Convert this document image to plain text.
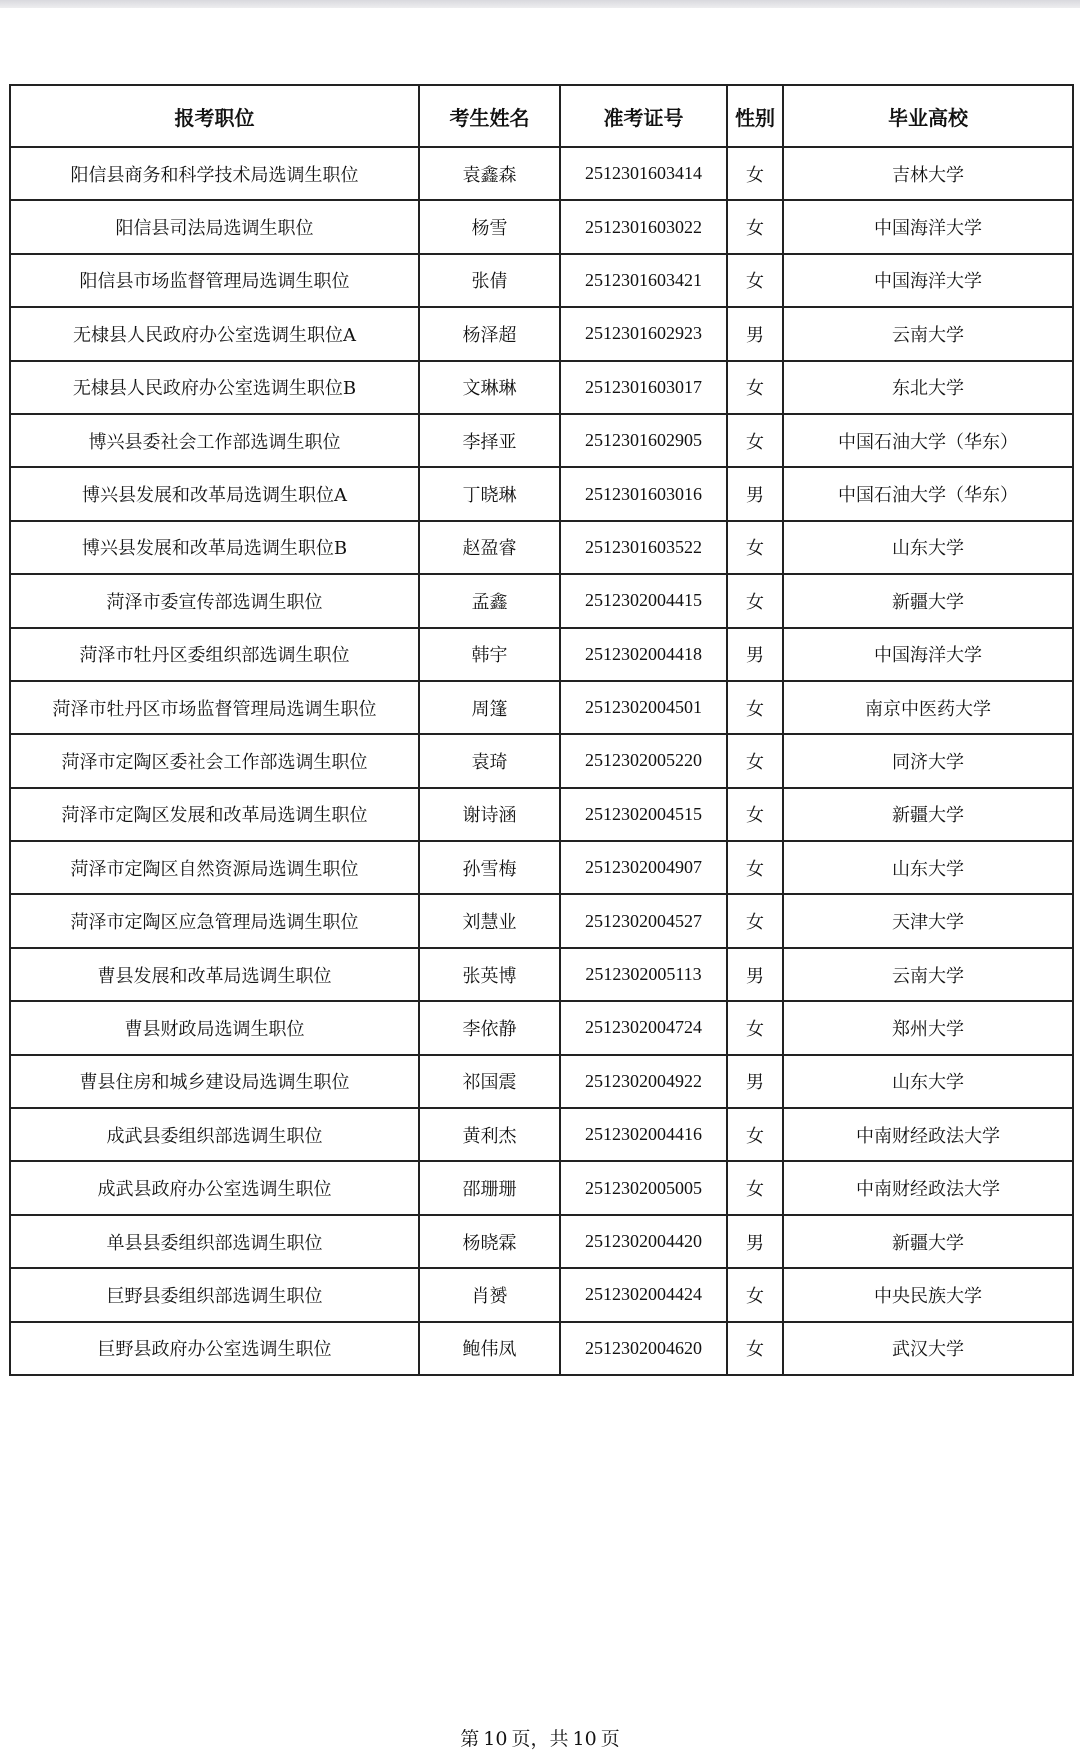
报考职位	考生姓名	准考证号	性别	毕业高校
阳信县商务和科学技术局选调生职位	袁鑫森	2512301603414	女	吉林大学
阳信县司法局选调生职位	杨雪	2512301603022	女	中国海洋大学
阳信县市场监督管理局选调生职位	张倩	2512301603421	女	中国海洋大学
无棣县人民政府办公室选调生职位A	杨泽超	2512301602923	男	云南大学
无棣县人民政府办公室选调生职位B	文琳琳	2512301603017	女	东北大学
博兴县委社会工作部选调生职位	李择亚	2512301602905	女	中国石油大学（华东）
博兴县发展和改革局选调生职位A	丁晓琳	2512301603016	男	中国石油大学（华东）
博兴县发展和改革局选调生职位B	赵盈睿	2512301603522	女	山东大学
菏泽市委宣传部选调生职位	孟鑫	2512302004415	女	新疆大学
菏泽市牡丹区委组织部选调生职位	韩宇	2512302004418	男	中国海洋大学
菏泽市牡丹区市场监督管理局选调生职位	周篷	2512302004501	女	南京中医药大学
菏泽市定陶区委社会工作部选调生职位	袁琦	2512302005220	女	同济大学
菏泽市定陶区发展和改革局选调生职位	谢诗涵	2512302004515	女	新疆大学
菏泽市定陶区自然资源局选调生职位	孙雪梅	2512302004907	女	山东大学
菏泽市定陶区应急管理局选调生职位	刘慧业	2512302004527	女	天津大学
曹县发展和改革局选调生职位	张英博	2512302005113	男	云南大学
曹县财政局选调生职位	李依静	2512302004724	女	郑州大学
曹县住房和城乡建设局选调生职位	祁国震	2512302004922	男	山东大学
成武县委组织部选调生职位	黄利杰	2512302004416	女	中南财经政法大学
成武县政府办公室选调生职位	邵珊珊	2512302005005	女	中南财经政法大学
单县县委组织部选调生职位	杨晓霖	2512302004420	男	新疆大学
巨野县委组织部选调生职位	肖赟	2512302004424	女	中央民族大学
巨野县政府办公室选调生职位	鲍伟凤	2512302004620	女	武汉大学
第 10 页，共 10 页
